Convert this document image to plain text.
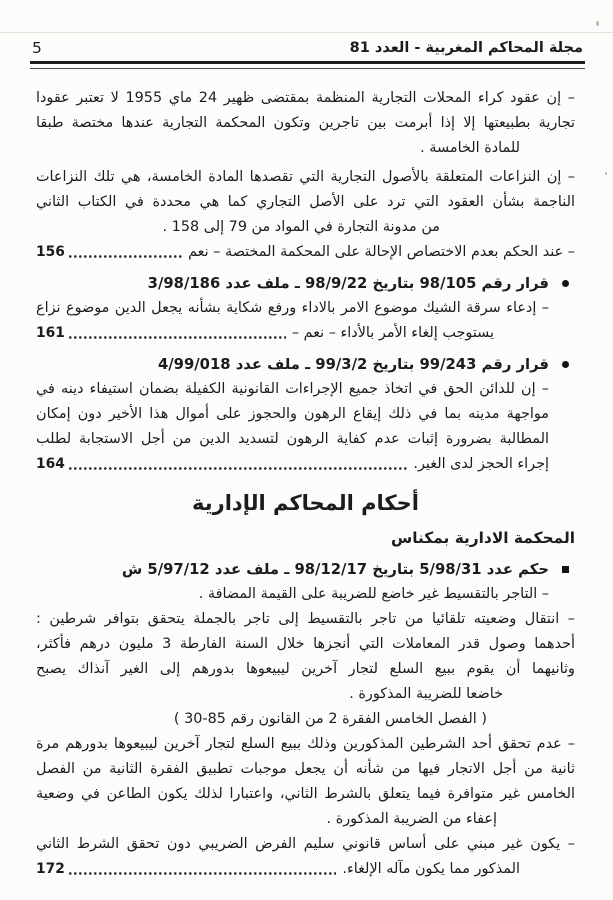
مجلة المحاكم المغربية - العدد 81
5
– إن عقود كراء المحلات التجارية المنظمة بمقتضى ظهير 24 ماي 1955 لا تعتبر عقودا
تجارية بطبيعتها إلا إذا أبرمت بين تاجرين وتكون المحكمة التجارية عندها مختصة طبقا
للمادة الخامسة .
– إن النزاعات المتعلقة بالأصول التجارية التي تقصدها المادة الخامسة، هي تلك النزاعات
الناجمة بشأن العقود التي ترد على الأصل التجاري كما هي محددة في الكتاب الثاني
من مدونة التجارة في المواد من 79 إلى 158 .
– عند الحكم بعدم الاختصاص الإحالة على المحكمة المختصة – نعم
156
قرار رقم 98/105 بتاريخ 98/9/22 ـ ملف عدد 3/98/186
– إدعاء سرقة الشيك موضوع الامر بالاداء ورفع شكاية بشأنه يجعل الدين موضوع نزاع
يستوجب إلغاء الأمر بالأداء – نعم –
161
قرار رقم 99/243 بتاريخ 99/3/2 ـ ملف عدد 4/99/018
– إن للدائن الحق في اتخاذ جميع الإجراءات القانونية الكفيلة بضمان استيفاء دينه في
مواجهة مدينه بما في ذلك إيقاع الرهون والحجوز على أموال هذا الأخير دون إمكان
المطالبة بضرورة إثبات عدم كفاية الرهون لتسديد الدين من أجل الاستجابة لطلب
إجراء الحجز لدى الغير.
164
أحكام المحاكم الإدارية
المحكمة الادارية بمكناس
حكم عدد 5/98/31 بتاريخ 98/12/17 ـ ملف عدد 5/97/12 ش
– التاجر بالتقسيط غير خاضع للضريبة على القيمة المضافة .
– انتقال وضعيته تلقائيا من تاجر بالتقسيط إلى تاجر بالجملة يتحقق بتوافر شرطين :
أحدهما وصول قدر المعاملات التي أنجزها خلال السنة الفارطة 3 مليون درهم فأكثر،
وثانيهما أن يقوم ببيع السلع لتجار آخرين ليبيعوها بدورهم إلى الغير آنذاك يصبح
خاضعا للضريبة المذكورة .
( الفصل الخامس الفقرة 2 من القانون رقم 85-30 )
– عدم تحقق أحد الشرطين المذكورين وذلك ببيع السلع لتجار آخرين ليبيعوها بدورهم مرة
ثانية من أجل الاتجار فيها من شأنه أن يجعل موجبات تطبيق الفقرة الثانية من الفصل
الخامس غير متوافرة فيما يتعلق بالشرط الثاني، واعتبارا لذلك يكون الطاعن في وضعية
إعفاء من الضريبة المذكورة .
– يكون غير مبني على أساس قانوني سليم الفرض الضريبي دون تحقق الشرط الثاني
المذكور مما يكون مآله الإلغاء.
172
